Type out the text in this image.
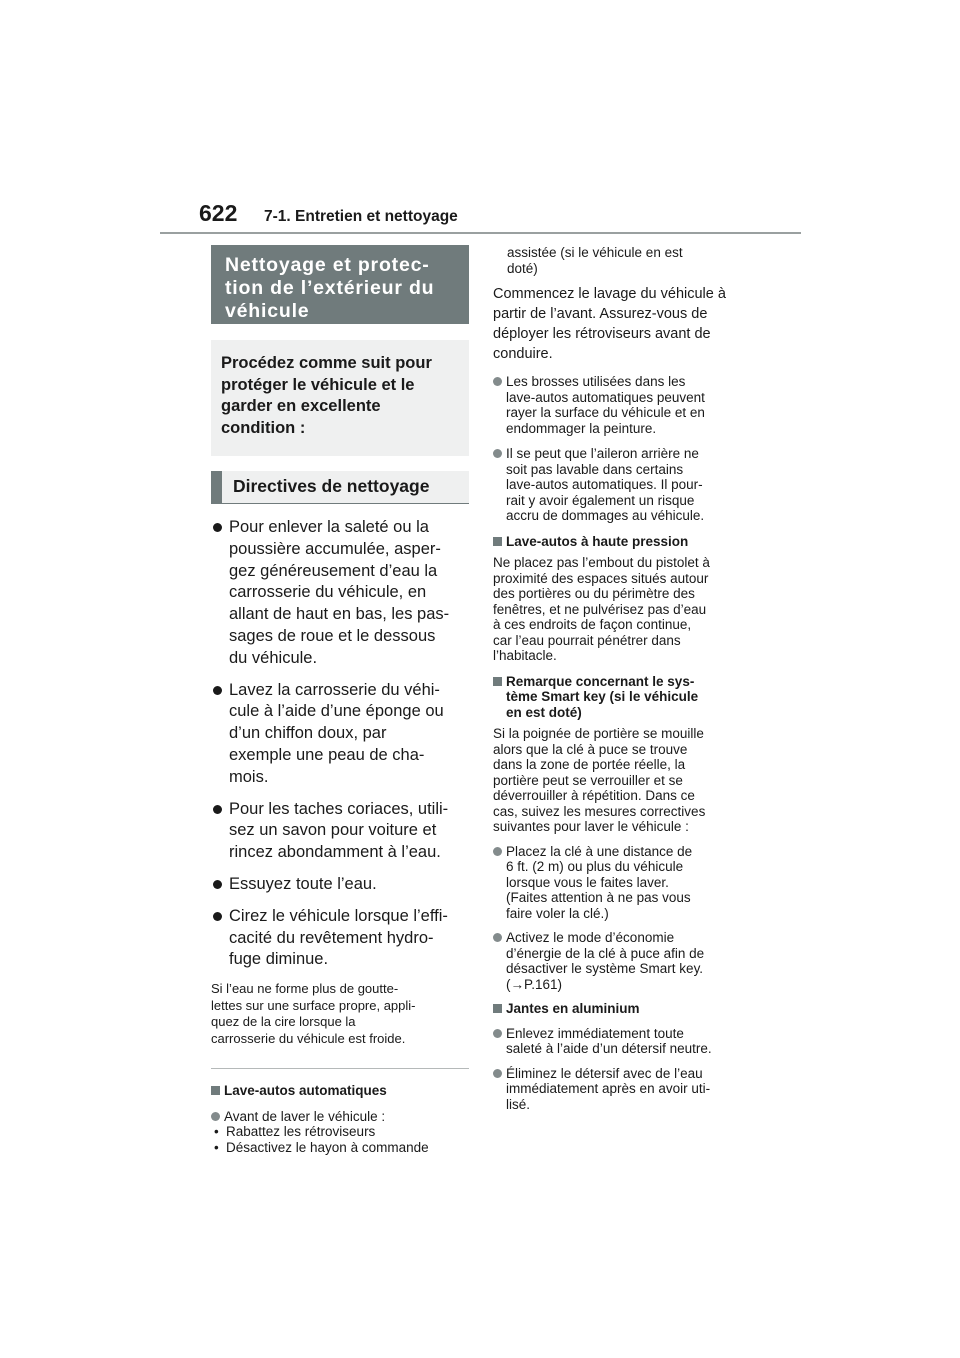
622 7-1. Entretien et nettoyage
Nettoyage et protec-
tion de l’extérieur du
véhicule
Procédez comme suit pour
protéger le véhicule et le
garder en excellente
condition :
Directives de nettoyage
Pour enlever la saleté ou la
poussière accumulée, asper-
gez généreusement d’eau la
carrosserie du véhicule, en
allant de haut en bas, les pas-
sages de roue et le dessous
du véhicule.
Lavez la carrosserie du véhi-
cule à l’aide d’une éponge ou
d’un chiffon doux, par
exemple une peau de cha-
mois.
Pour les taches coriaces, utili-
sez un savon pour voiture et
rincez abondamment à l’eau.
Essuyez toute l’eau.
Cirez le véhicule lorsque l’effi-
cacité du revêtement hydro-
fuge diminue.
Si l’eau ne forme plus de goutte-
lettes sur une surface propre, appli-
quez de la cire lorsque la
carrosserie du véhicule est froide.
Lave-autos automatiques
Avant de laver le véhicule :
• Rabattez les rétroviseurs
• Désactivez le hayon à commande
assistée (si le véhicule en est
doté)
Commencez le lavage du véhicule à
partir de l’avant. Assurez-vous de
déployer les rétroviseurs avant de
conduire.
Les brosses utilisées dans les
lave-autos automatiques peuvent
rayer la surface du véhicule et en
endommager la peinture.
Il se peut que l’aileron arrière ne
soit pas lavable dans certains
lave-autos automatiques. Il pour-
rait y avoir également un risque
accru de dommages au véhicule.
Lave-autos à haute pression
Ne placez pas l’embout du pistolet à
proximité des espaces situés autour
des portières ou du périmètre des
fenêtres, et ne pulvérisez pas d’eau
à ces endroits de façon continue,
car l’eau pourrait pénétrer dans
l’habitacle.
Remarque concernant le sys-
tème Smart key (si le véhicule
en est doté)
Si la poignée de portière se mouille
alors que la clé à puce se trouve
dans la zone de portée réelle, la
portière peut se verrouiller et se
déverrouiller à répétition. Dans ce
cas, suivez les mesures correctives
suivantes pour laver le véhicule :
Placez la clé à une distance de
6 ft. (2 m) ou plus du véhicule
lorsque vous le faites laver.
(Faites attention à ne pas vous
faire voler la clé.)
Activez le mode d’économie
d’énergie de la clé à puce afin de
désactiver le système Smart key.
(→P.161)
Jantes en aluminium
Enlevez immédiatement toute
saleté à l’aide d’un détersif neutre.
Éliminez le détersif avec de l’eau
immédiatement après en avoir uti-
lisé.
